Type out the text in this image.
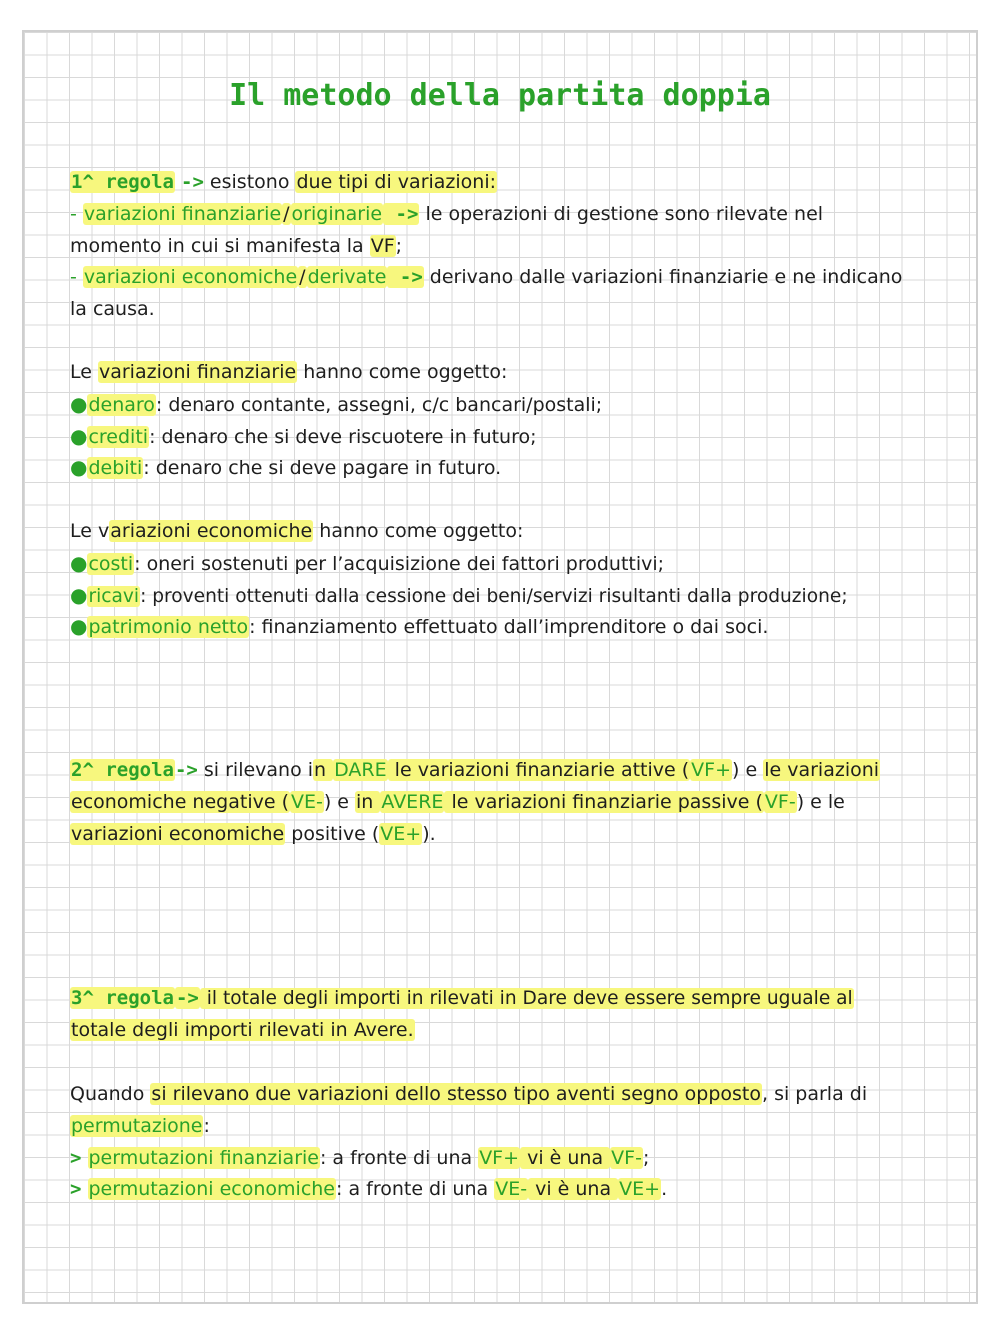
Il metodo della partita doppia
1^ regola -> esistono due tipi di variazioni:
- variazioni finanziarie / originarie -> le operazioni di gestione sono rilevate nel
momento in cui si manifesta la VF;
- variazioni economiche / derivate -> derivano dalle variazioni finanziarie e ne indicano
la causa.
Le variazioni finanziarie hanno come oggetto:
●denaro: denaro contante, assegni, c/c bancari/postali;
●crediti: denaro che si deve riscuotere in futuro;
●debiti: denaro che si deve pagare in futuro.
Le variazioni economiche hanno come oggetto:
●costi: oneri sostenuti per l’acquisizione dei fattori produttivi;
●ricavi: proventi ottenuti dalla cessione dei beni/servizi risultanti dalla produzione;
●patrimonio netto: finanziamento effettuato dall’imprenditore o dai soci.
2^ regola-> si rilevano in DARE le variazioni finanziarie attive ( VF+) e le variazioni
economiche negative ( VE-) e in AVERE le variazioni finanziarie passive ( VF-) e le
variazioni economiche positive (VE+).
3^ regola -> il totale degli importi in rilevati in Dare deve essere sempre uguale al
totale degli importi rilevati in Avere.
Quando si rilevano due variazioni dello stesso tipo aventi segno opposto, si parla di
permutazione:
> permutazioni finanziarie: a fronte di una VF+ vi è una VF-;
> permutazioni economiche: a fronte di una VE- vi è una VE+.
